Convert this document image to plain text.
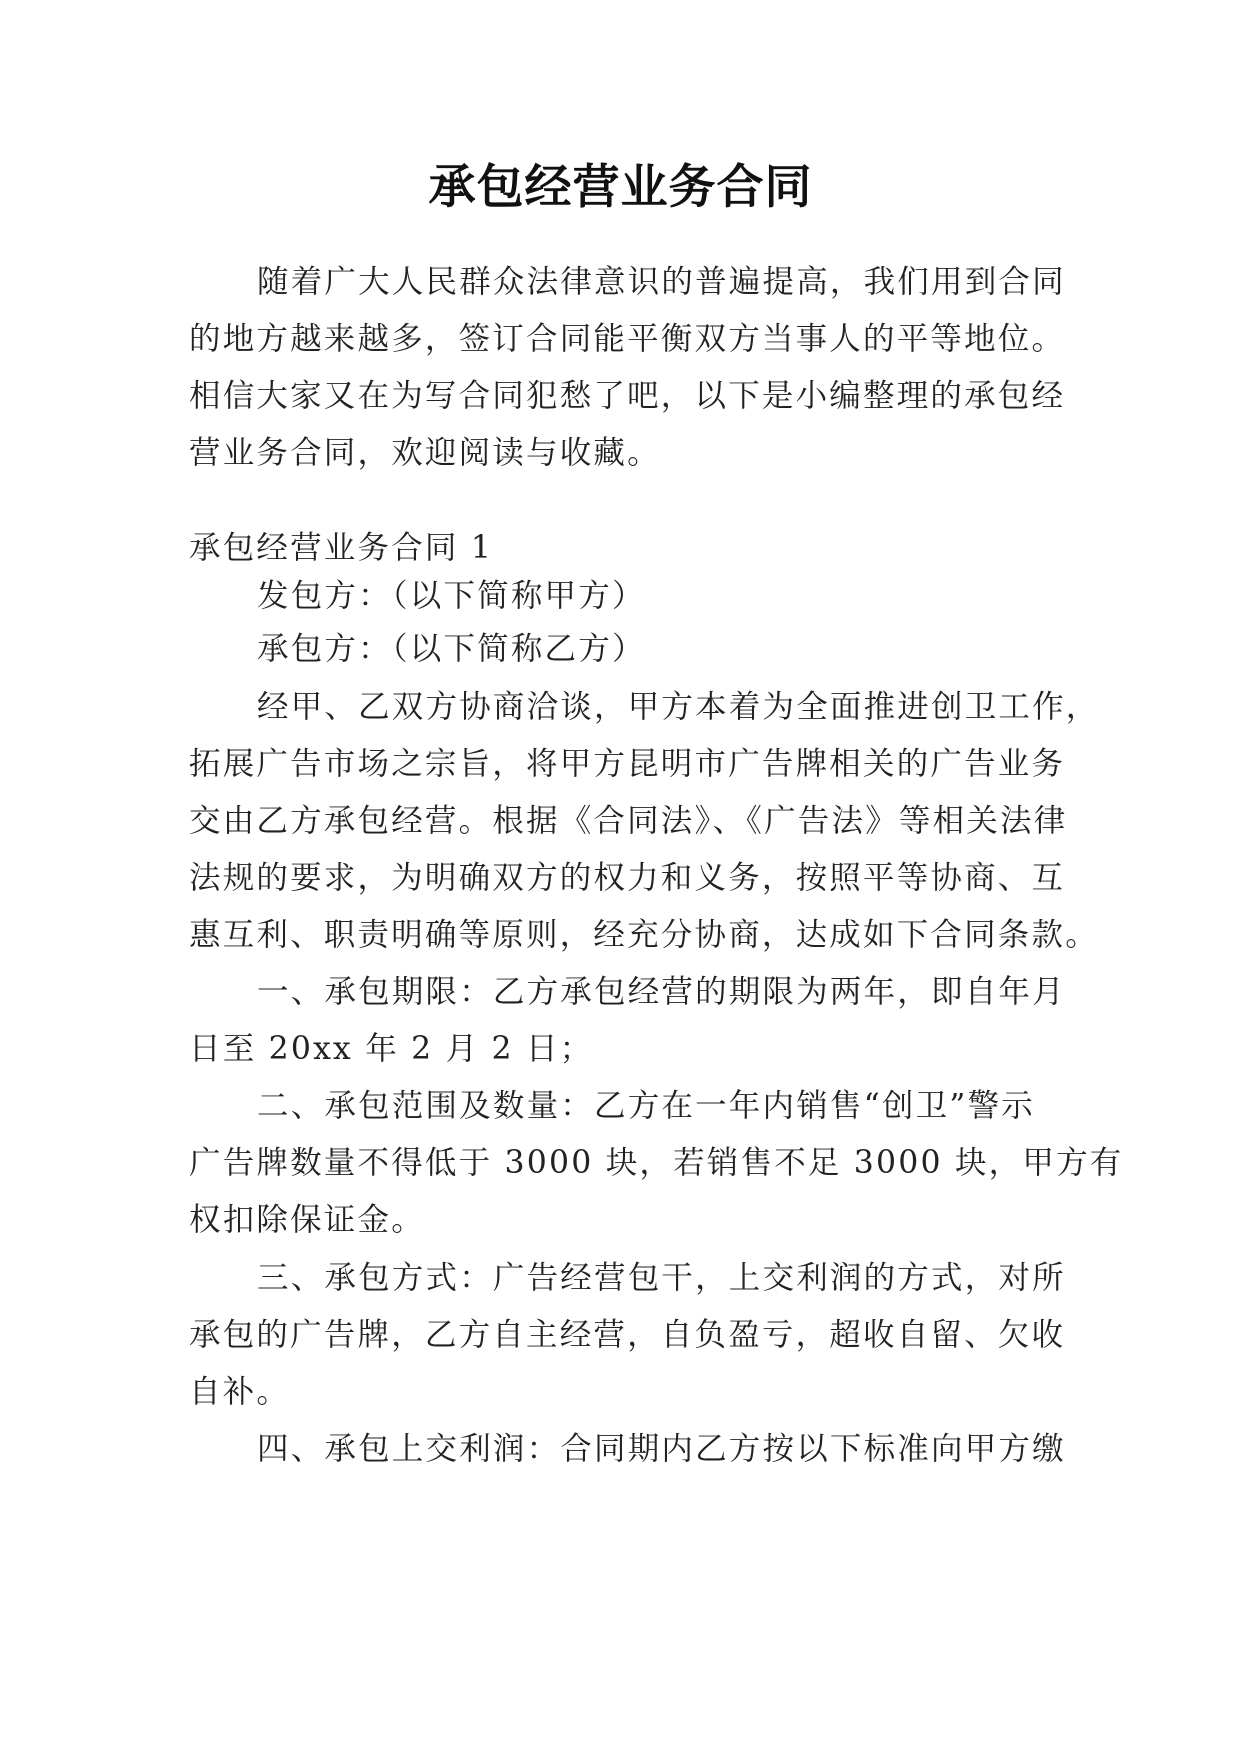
承包经营业务合同
随着广大人民群众法律意识的普遍提高，我们用到合同
的地方越来越多，签订合同能平衡双方当事人的平等地位。
相信大家又在为写合同犯愁了吧，以下是小编整理的承包经
营业务合同，欢迎阅读与收藏。
承包经营业务合同 1
发包方：（以下简称甲方）
承包方：（以下简称乙方）
经甲、乙双方协商洽谈，甲方本着为全面推进创卫工作，
拓展广告市场之宗旨，将甲方昆明市广告牌相关的广告业务
交由乙方承包经营。根据《合同法》、《广告法》等相关法律
法规的要求，为明确双方的权力和义务，按照平等协商、互
惠互利、职责明确等原则，经充分协商，达成如下合同条款。
一、承包期限：乙方承包经营的期限为两年，即自年月
日至 20xx 年 2 月 2 日；
二、承包范围及数量：乙方在一年内销售“创卫”警示
广告牌数量不得低于 3000 块，若销售不足 3000 块，甲方有
权扣除保证金。
三、承包方式：广告经营包干，上交利润的方式，对所
承包的广告牌，乙方自主经营，自负盈亏，超收自留、欠收
自补。
四、承包上交利润：合同期内乙方按以下标准向甲方缴
